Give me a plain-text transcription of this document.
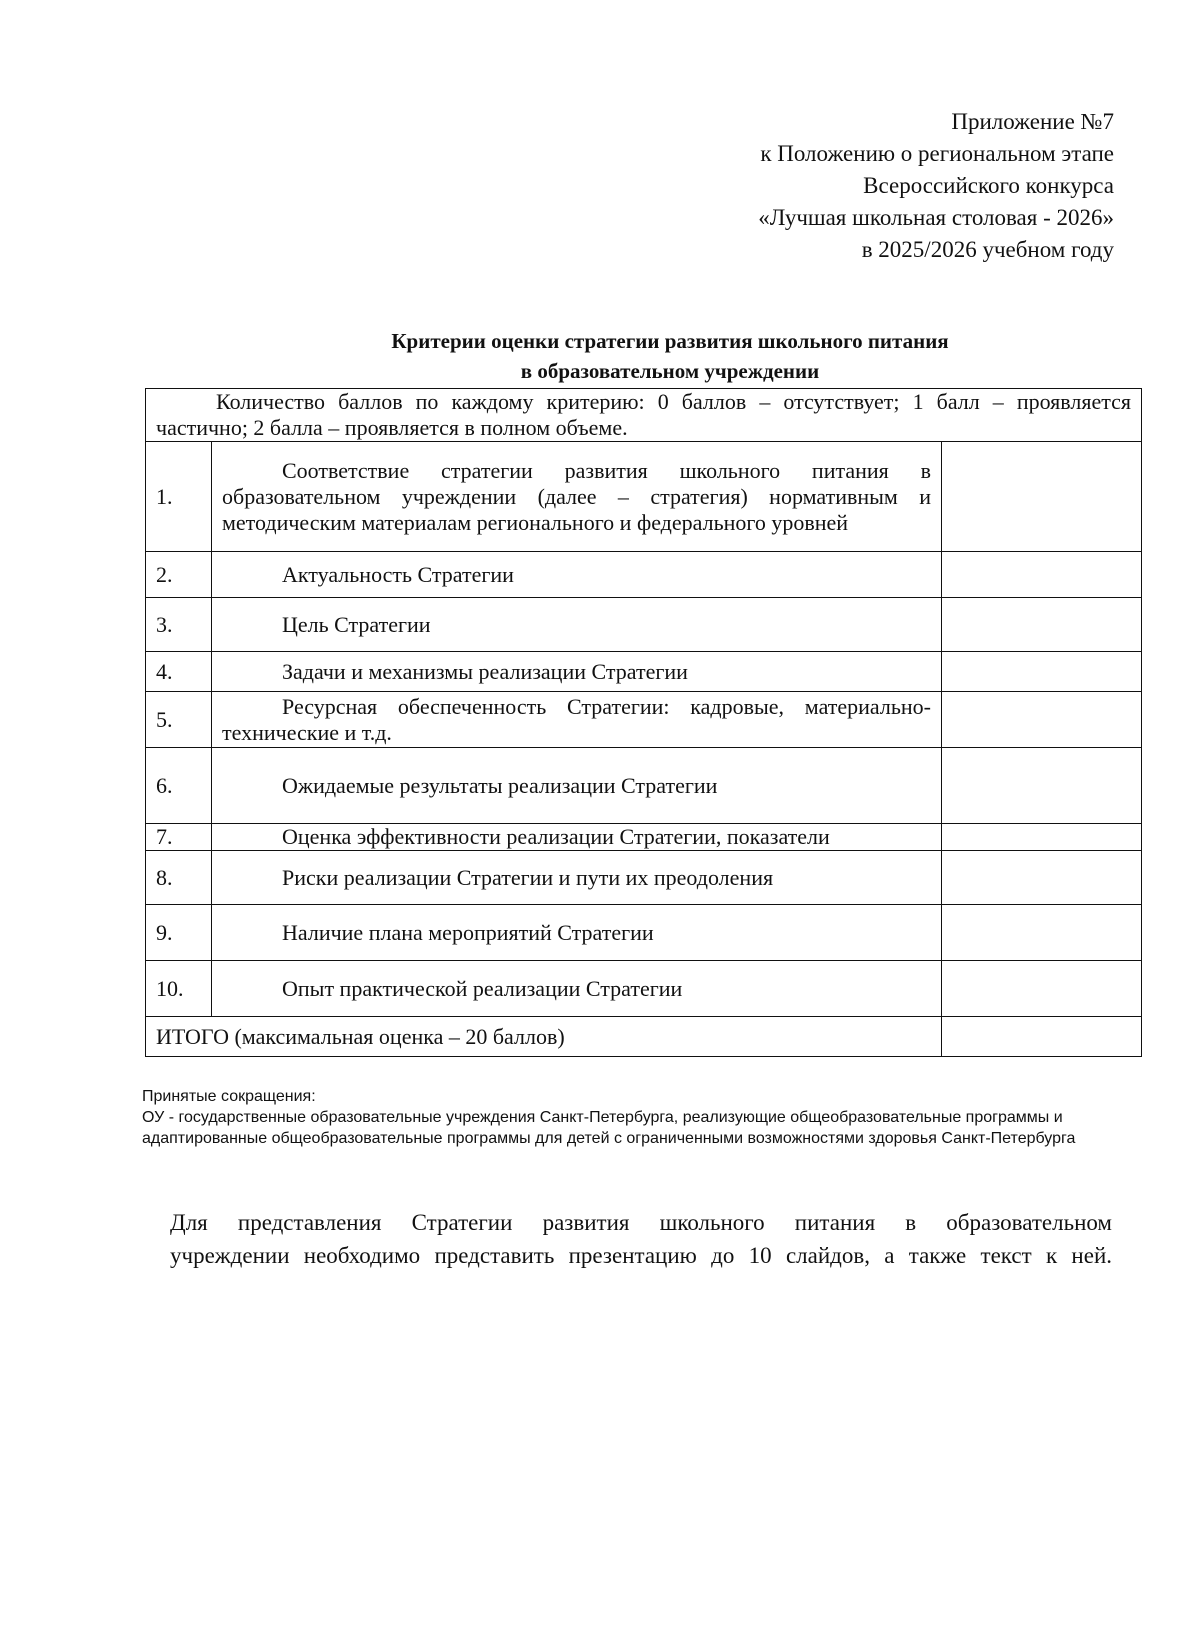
Приложение №7
к Положению о региональном этапе
Всероссийского конкурса
«Лучшая школьная столовая - 2026»
в 2025/2026 учебном году
Критерии оценки стратегии развития школьного питания
в образовательном учреждении
Количество баллов по каждому критерию: 0 баллов – отсутствует; 1 балл – проявляется частично; 2 балла – проявляется в полном объеме.		
1.	Соответствие стратегии развития школьного питания в образовательном учреждении (далее – стратегия) нормативным и методическим материалам регионального и федерального уровней	
2.	Актуальность Стратегии	
3.	Цель Стратегии	
4.	Задачи и механизмы реализации Стратегии	
5.	Ресурсная обеспеченность Стратегии: кадровые, материально-технические и т.д.	
6.	Ожидаемые результаты реализации Стратегии	
7.	Оценка эффективности реализации Стратегии, показатели	
8.	Риски реализации Стратегии и пути их преодоления	
9.	Наличие плана мероприятий Стратегии	
10.	Опыт практической реализации Стратегии	
ИТОГО (максимальная оценка – 20 баллов)		
Принятые сокращения:
ОУ - государственные образовательные учреждения Санкт-Петербурга, реализующие общеобразовательные программы и адаптированные общеобразовательные программы для детей с ограниченными возможностями здоровья Санкт-Петербурга
Для представления Стратегии развития школьного питания в образовательном учреждении необходимо представить презентацию до 10 слайдов, а также текст к ней.
